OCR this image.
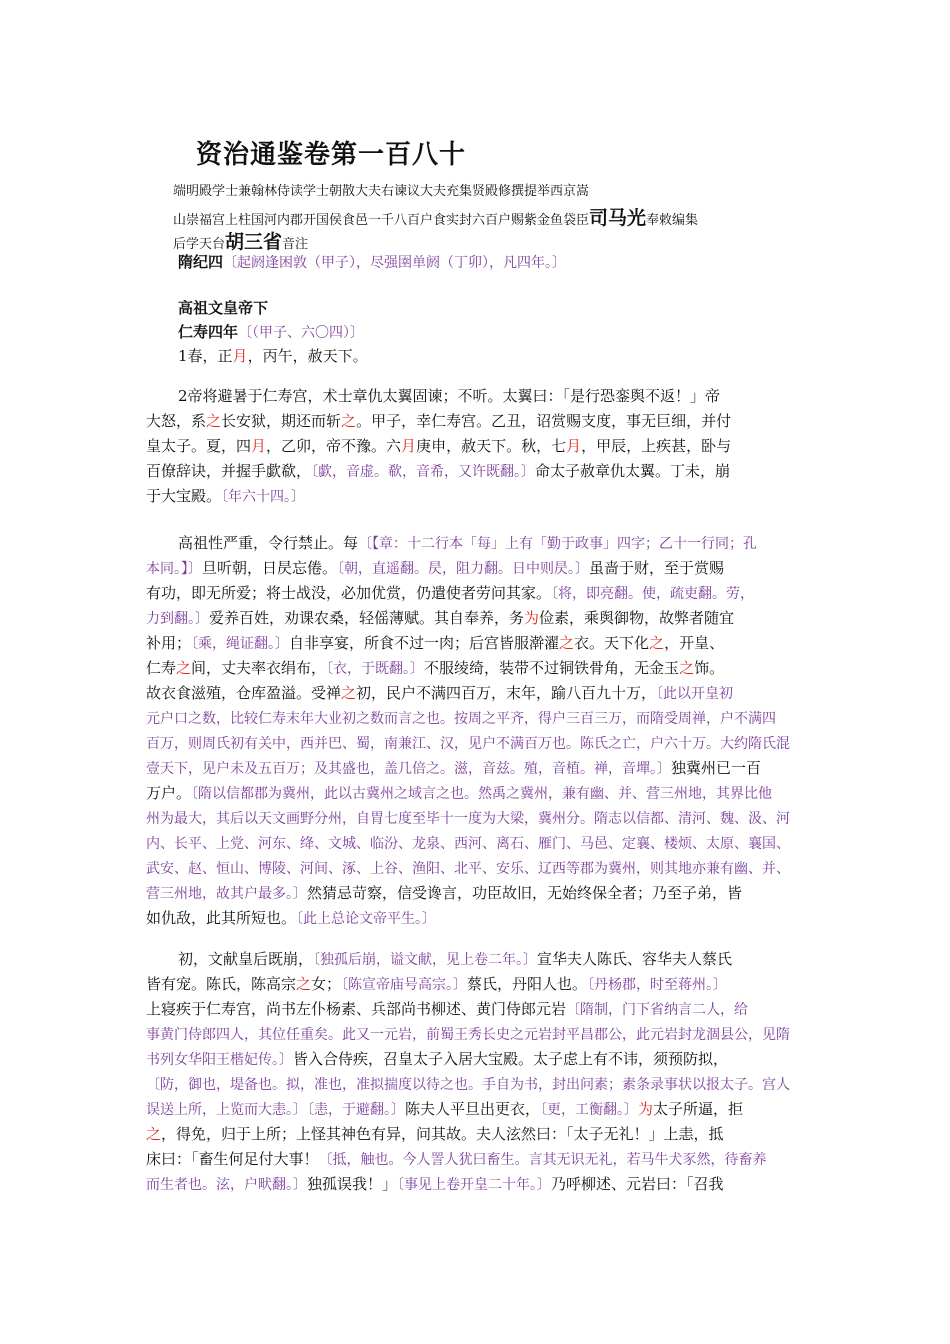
资治通鉴卷第一百八十
端明殿学士兼翰林侍读学士朝散大夫右谏议大夫充集贤殿修撰提举西京嵩
山崇福宫上柱国河内郡开国侯食邑一千八百户食实封六百户赐紫金鱼袋臣司马光奉敕编集
后学天台胡三省音注
隋纪四〔起阏逢困敦（甲子），尽强圉单阏（丁卯），凡四年。〕
高祖文皇帝下
仁寿四年〔（甲子、六〇四）〕
1春，正月，丙午，赦天下。
2帝将避暑于仁寿宫，术士章仇太翼固谏；不听。太翼曰：「是行恐銮舆不返！」帝
大怒，系之长安狱，期还而斩之。甲子，幸仁寿宫。乙丑，诏赏赐支度，事无巨细，并付
皇太子。夏，四月，乙卯，帝不豫。六月庚申，赦天下。秋，七月，甲辰，上疾甚，卧与
百僚辞诀，并握手歔欷，〔歔，音虚。欷，音希，又许既翻。〕命太子赦章仇太翼。丁未，崩
于大宝殿。〔年六十四。〕
高祖性严重，令行禁止。每〔【章：十二行本「每」上有「勤于政事」四字；乙十一行同；孔
本同。】〕旦听朝，日昃忘倦。〔朝，直遥翻。昃，阻力翻。日中则昃。〕虽啬于财，至于赏赐
有功，即无所爱；将士战没，必加优赏，仍遣使者劳问其家。〔将，即亮翻。使，疏吏翻。劳，
力到翻。〕爱养百姓，劝课农桑，轻傜薄赋。其自奉养，务为俭素，乘舆御物，故弊者随宜
补用；〔乘，绳证翻。〕自非享宴，所食不过一肉；后宫皆服澣濯之衣。天下化之，开皇、
仁寿之间，丈夫率衣绢布，〔衣，于既翻。〕不服绫绮，装带不过铜铁骨角，无金玉之饰。
故衣食滋殖，仓库盈溢。受禅之初，民户不满四百万，末年，踰八百九十万，〔此以开皇初
元户口之数，比较仁寿末年大业初之数而言之也。按周之平齐，得户三百三万，而隋受周禅，户不满四
百万，则周氏初有关中，西并巴、蜀，南兼江、汉，见户不满百万也。陈氏之亡，户六十万。大约隋氏混
壹天下，见户未及五百万；及其盛也，盖几倍之。滋，音兹。殖，音植。禅，音墠。〕独冀州已一百
万户。〔隋以信都郡为冀州，此以古冀州之域言之也。然禹之冀州，兼有幽、并、营三州地，其界比他
州为最大，其后以天文画野分州，自胃七度至毕十一度为大梁，冀州分。隋志以信都、清河、魏、汲、河
内、长平、上党、河东、绛、文城、临汾、龙泉、西河、离石、雁门、马邑、定襄、楼烦、太原、襄国、
武安、赵、恒山、博陵、河间、涿、上谷、渔阳、北平、安乐、辽西等郡为冀州，则其地亦兼有幽、并、
营三州地，故其户最多。〕然猜忌苛察，信受谗言，功臣故旧，无始终保全者；乃至子弟，皆
如仇敌，此其所短也。〔此上总论文帝平生。〕
初，文献皇后既崩，〔独孤后崩，谥文献，见上卷二年。〕宣华夫人陈氏、容华夫人蔡氏
皆有宠。陈氏，陈高宗之女；〔陈宣帝庙号高宗。〕蔡氏，丹阳人也。〔丹杨郡，时至蒋州。〕
上寝疾于仁寿宫，尚书左仆杨素、兵部尚书柳述、黄门侍郎元岩〔隋制，门下省纳言二人，给
事黄门侍郎四人，其位任重矣。此又一元岩，前蜀王秀长史之元岩封平昌郡公，此元岩封龙涸县公，见隋
书列女华阳王楷妃传。〕皆入合侍疾，召皇太子入居大宝殿。太子虑上有不讳，须预防拟，
〔防，御也，堤备也。拟，准也，准拟揣度以待之也。手自为书，封出问素；素条录事状以报太子。宫人
误送上所，上览而大恚。〕〔恚，于避翻。〕陈夫人平旦出更衣，〔更，工衡翻。〕为太子所逼，拒
之，得免，归于上所；上怪其神色有异，问其故。夫人泫然曰：「太子无礼！」上恚，抵
床曰：「畜生何足付大事！〔抵，触也。今人詈人犹曰畜生。言其无识无礼，若马牛犬豕然，待畜养
而生者也。泫，户畎翻。〕独孤误我！」〔事见上卷开皇二十年。〕乃呼柳述、元岩曰：「召我
